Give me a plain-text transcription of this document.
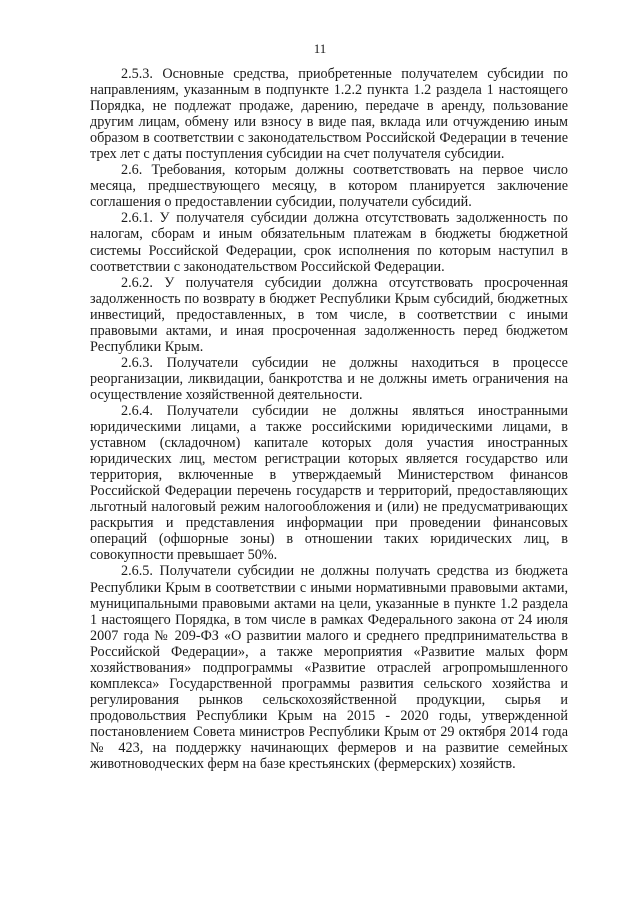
11

2.5.3. Основные средства, приобретенные получателем субсидии по направлениям, указанным в подпункте 1.2.2 пункта 1.2 раздела 1 настоящего Порядка, не подлежат продаже, дарению, передаче в аренду, пользование другим лицам, обмену или взносу в виде пая, вклада или отчуждению иным образом в соответствии с законодательством Российской Федерации в течение трех лет с даты поступления субсидии на счет получателя субсидии.

2.6. Требования, которым должны соответствовать на первое число месяца, предшествующего месяцу, в котором планируется заключение соглашения о предоставлении субсидии, получатели субсидий.

2.6.1. У получателя субсидии должна отсутствовать задолженность по налогам, сборам и иным обязательным платежам в бюджеты бюджетной системы Российской Федерации, срок исполнения по которым наступил в соответствии с законодательством Российской Федерации.

2.6.2. У получателя субсидии должна отсутствовать просроченная задолженность по возврату в бюджет Республики Крым субсидий, бюджетных инвестиций, предоставленных, в том числе, в соответствии с иными правовыми актами, и иная просроченная задолженность перед бюджетом Республики Крым.

2.6.3. Получатели субсидии не должны находиться в процессе реорганизации, ликвидации, банкротства и не должны иметь ограничения на осуществление хозяйственной деятельности.

2.6.4. Получатели субсидии не должны являться иностранными юридическими лицами, а также российскими юридическими лицами, в уставном (складочном) капитале которых доля участия иностранных юридических лиц, местом регистрации которых является государство или территория, включенные в утверждаемый Министерством финансов Российской Федерации перечень государств и территорий, предоставляющих льготный налоговый режим налогообложения и (или) не предусматривающих раскрытия и представления информации при проведении финансовых операций (офшорные зоны) в отношении таких юридических лиц, в совокупности превышает 50%.

2.6.5. Получатели субсидии не должны получать средства из бюджета Республики Крым в соответствии с иными нормативными правовыми актами, муниципальными правовыми актами на цели, указанные в пункте 1.2 раздела 1 настоящего Порядка, в том числе в рамках Федерального закона от 24 июля 2007 года № 209-ФЗ «О развитии малого и среднего предпринимательства в Российской Федерации», а также мероприятия «Развитие малых форм хозяйствования» подпрограммы «Развитие отраслей агропромышленного комплекса» Государственной программы развития сельского хозяйства и регулирования рынков сельскохозяйственной продукции, сырья и продовольствия Республики Крым на 2015 - 2020 годы, утвержденной постановлением Совета министров Республики Крым от 29 октября 2014 года № 423, на поддержку начинающих фермеров и на развитие семейных животноводческих ферм на базе крестьянских (фермерских) хозяйств.
